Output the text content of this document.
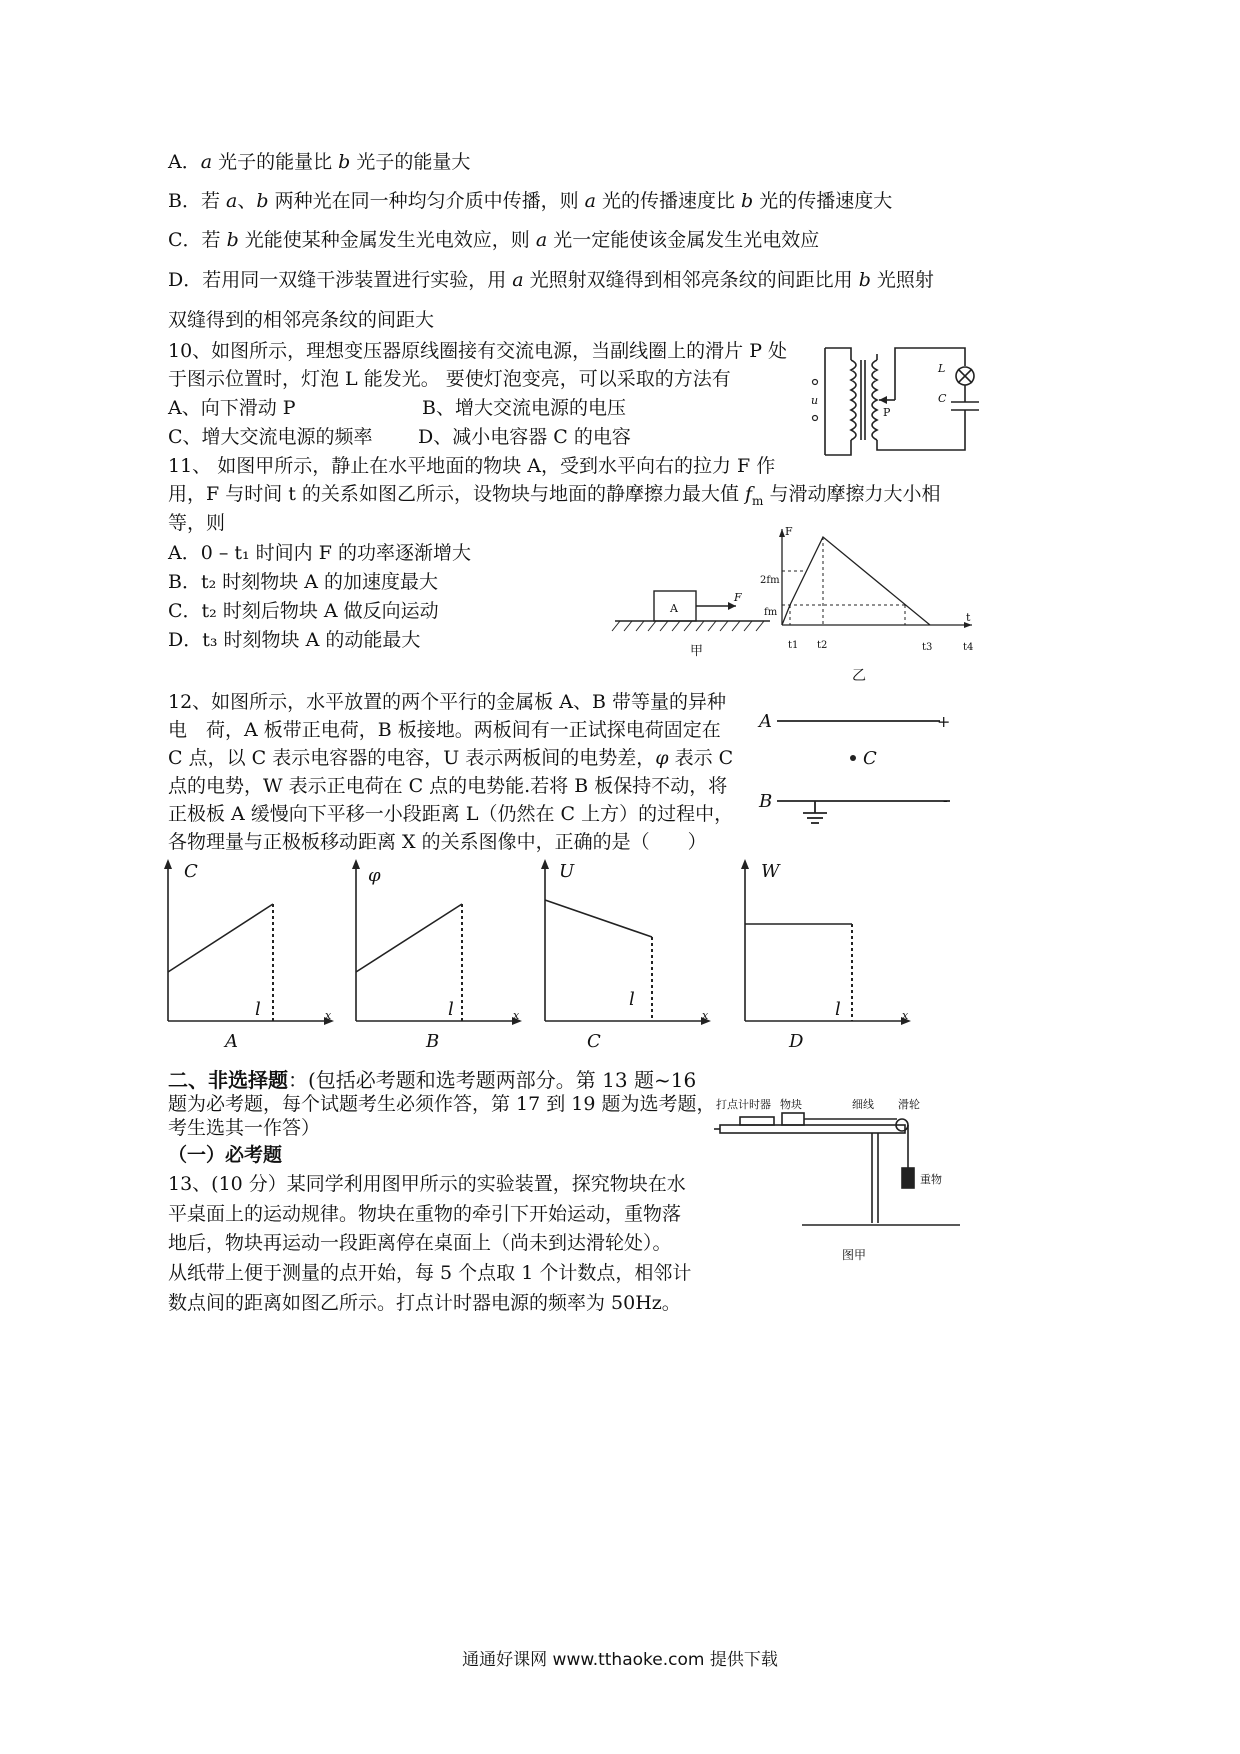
A．a 光子的能量比 b 光子的能量大
B．若 a、b 两种光在同一种均匀介质中传播，则 a 光的传播速度比 b 光的传播速度大
C．若 b 光能使某种金属发生光电效应，则 a 光一定能使该金属发生光电效应
D．若用同一双缝干涉装置进行实验，用 a 光照射双缝得到相邻亮条纹的间距比用 b 光照射
双缝得到的相邻亮条纹的间距大
10、如图所示，理想变压器原线圈接有交流电源，当副线圈上的滑片 P 处
于图示位置时，灯泡 L 能发光。 要使灯泡变亮，可以采取的方法有
A、向下滑动 P	B、增大交流电源的电压
C、增大交流电源的频率 D、减小电容器 C 的电容
u
P
L
C
11、 如图甲所示，静止在水平地面的物块 A，受到水平向右的拉力 F 作
用，F 与时间 t 的关系如图乙所示，设物块与地面的静摩擦力最大值 $f_m$ 与滑动摩擦力大小相
等，则
A．0 – t₁ 时间内 F 的功率逐渐增大
B．t₂ 时刻物块 A 的加速度最大
C．t₂ 时刻后物块 A 做反向运动
D．t₃ 时刻物块 A 的动能最大
A
F
甲
F
t
2fm
fm
t1 t2	t3	t4
乙
12、如图所示，水平放置的两个平行的金属板 A、B 带等量的异种
电　荷，A 板带正电荷，B 板接地。两板间有一正试探电荷固定在
C 点，以 C 表示电容器的电容，U 表示两板间的电势差，φ 表示 C
点的电势，W 表示正电荷在 C 点的电势能.若将 B 板保持不动，将
正极板 A 缓慢向下平移一小段距离 L（仍然在 C 上方）的过程中，
各物理量与正极板移动距离 X 的关系图像中，正确的是（　　）
A	+
C
B	-
C
x
l
A
φ
x
l
B
U
x
l
C
W
x
l
D
二、非选择题：(包括必考题和选考题两部分。第 13 题~16
题为必考题，每个试题考生必须作答，第 17 到 19 题为选考题，
考生选其一作答）
（一）必考题
13、(10 分）某同学利用图甲所示的实验装置，探究物块在水
平桌面上的运动规律。物块在重物的牵引下开始运动，重物落
地后，物块再运动一段距离停在桌面上（尚未到达滑轮处）。
从纸带上便于测量的点开始，每 5 个点取 1 个计数点，相邻计
数点间的距离如图乙所示。打点计时器电源的频率为 50Hz。
打点计时器 物块	细线 滑轮
重物
图甲
通通好课网 www.tthaoke.com 提供下载
